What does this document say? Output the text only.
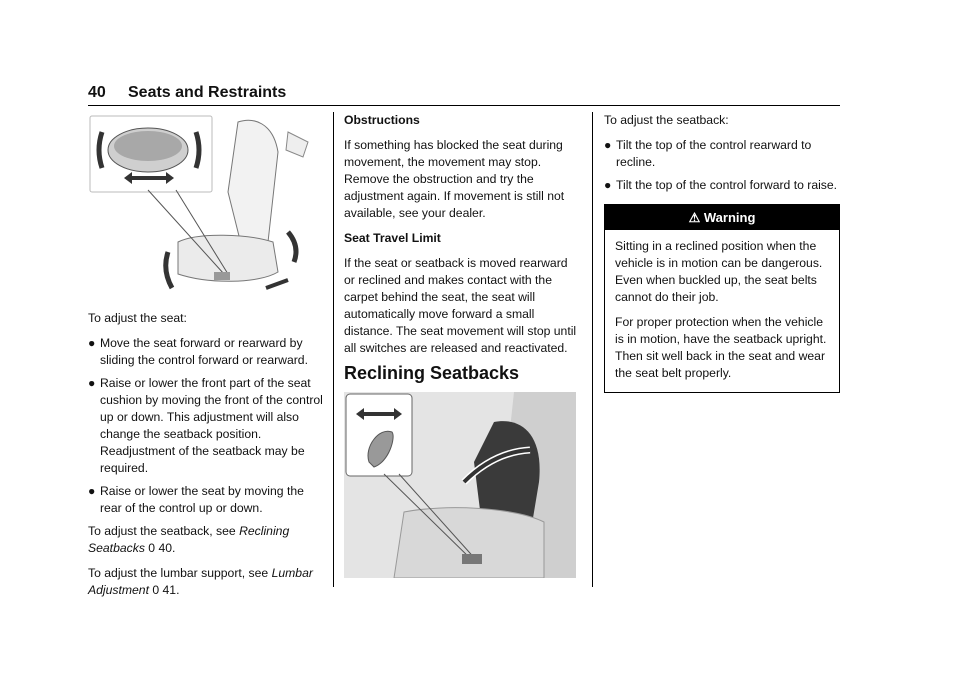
40 Seats and Restraints

To adjust the seat:

● Move the seat forward or rearward by sliding the control forward or rearward.
● Raise or lower the front part of the seat cushion by moving the front of the control up or down. This adjustment will also change the seatback position. Readjustment of the seatback may be required.
● Raise or lower the seat by moving the rear of the control up or down.

To adjust the seatback, see Reclining Seatbacks 0 40.

To adjust the lumbar support, see Lumbar Adjustment 0 41.

Obstructions

If something has blocked the seat during movement, the movement may stop. Remove the obstruction and try the adjustment again. If movement is still not available, see your dealer.

Seat Travel Limit

If the seat or seatback is moved rearward or reclined and makes contact with the carpet behind the seat, the seat will automatically move forward a small distance. The seat movement will stop until all switches are released and reactivated.

Reclining Seatbacks

To adjust the seatback:

● Tilt the top of the control rearward to recline.
● Tilt the top of the control forward to raise.
⚠ Warning

Sitting in a reclined position when the vehicle is in motion can be dangerous. Even when buckled up, the seat belts cannot do their job.

For proper protection when the vehicle is in motion, have the seatback upright. Then sit well back in the seat and wear the seat belt properly.
